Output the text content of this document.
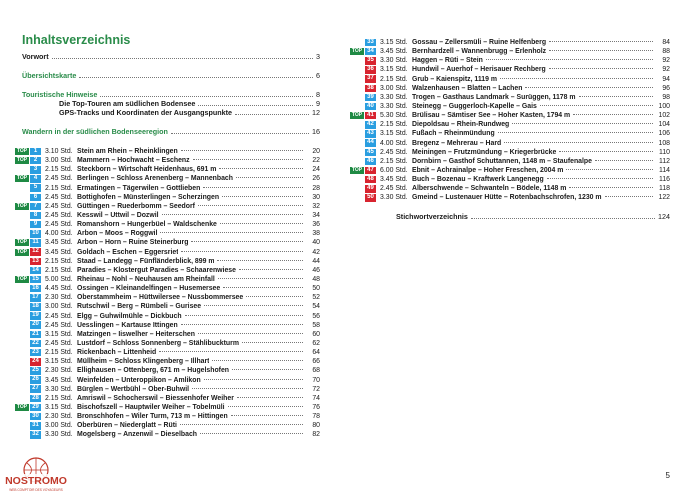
Inhaltsverzeichnis
Vorwort	3
Übersichtskarte	6
Touristische Hinweise	8
Die Top-Touren am südlichen Bodensee	9
GPS-Tracks und Koordinaten der Ausgangspunkte	12
Wandern in der südlichen Bodenseeregion	16
TOP	1	3.10 Std. Stein am Rhein – Rheinklingen	20
TOP	2	3.00 Std. Mammern – Hochwacht – Eschenz	22
3	2.15 Std. Steckborn – Wirtschaft Heidenhaus, 691 m	24
TOP	4	2.45 Std. Berlingen – Schloss Arenenberg – Mannenbach	26
5	2.15 Std. Ermatingen – Tägerwilen – Gottlieben	28
6	2.45 Std. Bottighofen – Münsterlingen – Scherzingen	30
TOP	7	2.45 Std. Güttingen – Ruederbomm – Seedorf	32
8	2.45 Std. Kesswil – Uttwil – Dozwil	34
9	2.45 Std. Romanshorn – Hungerbüel – Waldschenke	36
10 4.00 Std. Arbon – Moos – Roggwil	38
TOP 11 3.45 Std. Arbon – Horn – Ruine Steinerburg	40
TOP 12 3.45 Std. Goldach – Eschen – Eggersriet	42
13 2.15 Std. Staad – Landegg – Fünfländerblick, 899 m	44
14 2.15 Std. Paradies – Klostergut Paradies – Schaarenwiese	46
TOP 15 5.00 Std. Rheinau – Nohl – Neuhausen am Rheinfall	48
16 4.45 Std. Ossingen – Kleinandelfingen – Husemersee	50
17 2.30 Std. Oberstammheim – Hüttwilersee – Nussbommersee	52
18 3.00 Std. Rutschwil – Berg – Rümbeli – Gurisee	54
19 2.45 Std. Elgg – Guhwilmühle – Dickbuch	56
20 2.45 Std. Uesslingen – Kartause Ittingen	58
21 3.15 Std. Matzingen – Iiswelher – Heiterschen	60
22 2.45 Std. Lustdorf – Schloss Sonnenberg – Stählibuckturm	62
23 2.15 Std. Rickenbach – Littenheid	64
24 3.15 Std. Müllheim – Schloss Klingenberg – Illhart	66
25 2.30 Std. Ellighausen – Ottenberg, 671 m – Hugelshofen	68
26 3.45 Std. Weinfelden – Unteroppikon – Amlikon	70
27 3.30 Std. Bürglen – Wertbühl – Ober-Buhwil	72
28 2.15 Std. Amriswil – Schocherswil – Biessenhofer Weiher	74
TOP 29 3.15 Std. Bischofszell – Hauptwiler Weiher – Tobelmüli	76
30 2.30 Std. Bronschhofen – Wiler Turm, 713 m – Hittingen	78
31 3.00 Std. Oberbüren – Niederglatt – Rüti	80
32 3.30 Std. Mogelsberg – Anzenwil – Dieselbach	82
33 3.15 Std. Gossau – Zellersmüli – Ruine Helfenberg	84
TOP 34 3.45 Std. Bernhardzell – Wannenbrugg – Erlenholz	88
35 3.30 Std. Haggen – Rüti – Stein	92
36 3.15 Std. Hundwil – Auerhof – Herisauer Rechberg	92
37 2.15 Std. Grub – Kaienspitz, 1119 m	94
38 3.00 Std. Walzenhausen – Blatten – Lachen	96
39 3.30 Std. Trogen – Gasthaus Landmark – Surüggen, 1178 m	98
40 3.30 Std. Steinegg – Guggerloch-Kapelle – Gais	100
TOP 41 5.30 Std. Brülisau – Sämtiser See – Hoher Kasten, 1794 m	102
42 2.15 Std. Diepoldsau – Rhein-Rundweg	104
43 3.15 Std. Fußach – Rheinmündung	106
44 4.00 Std. Bregenz – Mehrerau – Hard	108
45 2.45 Std. Meiningen – Frutzmündung – Kriegerbrücke	110
46 2.15 Std. Dornbirn – Gasthof Schuttannen, 1148 m – Staufenalpe	112
TOP 47 6.00 Std. Ebnit – Achrainalpe – Hoher Freschen, 2004 m	114
48 3.45 Std. Buch – Bozenau – Kraftwerk Langenegg	116
49 2.45 Std. Alberschwende – Schwanteln – Bödele, 1148 m	118
50 3.30 Std. Gmeind – Lustenauer Hütte – Rotenbachschrofen, 1230 m	122
Stichwortverzeichnis	124
5
NOSTROMO
WEB COMPTOIR DES VOYAGEURS
